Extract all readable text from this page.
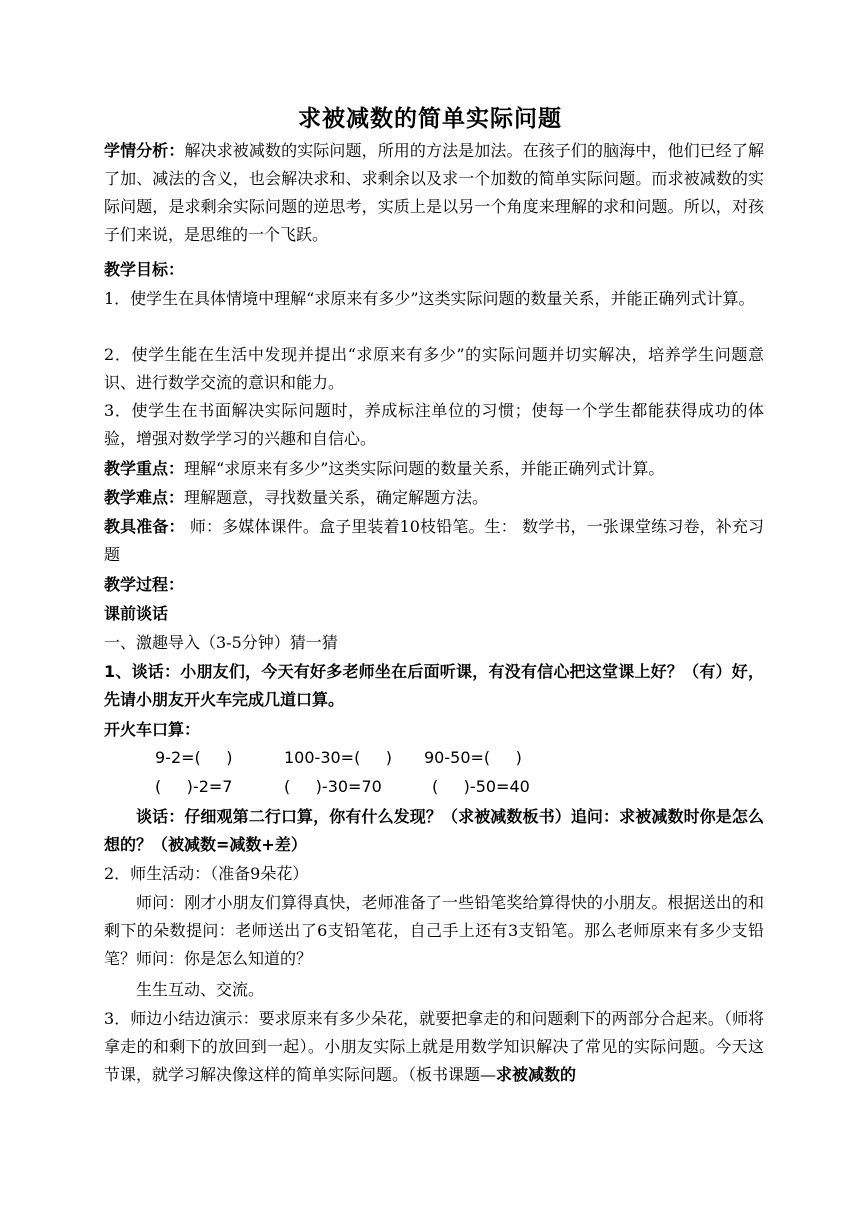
求被减数的简单实际问题
学情分析：解决求被减数的实际问题，所用的方法是加法。在孩子们的脑海中，他们已经了解了加、减法的含义，也会解决求和、求剩余以及求一个加数的简单实际问题。而求被减数的实际问题，是求剩余实际问题的逆思考，实质上是以另一个角度来理解的求和问题。所以，对孩子们来说，是思维的一个飞跃。
教学目标：
1．使学生在具体情境中理解“求原来有多少”这类实际问题的数量关系，并能正确列式计算。
2．使学生能在生活中发现并提出“求原来有多少”的实际问题并切实解决，培养学生问题意识、进行数学交流的意识和能力。
3．使学生在书面解决实际问题时，养成标注单位的习惯；使每一个学生都能获得成功的体验，增强对数学学习的兴趣和自信心。
教学重点：理解“求原来有多少”这类实际问题的数量关系，并能正确列式计算。
教学难点：理解题意，寻找数量关系，确定解题方法。
教具准备： 师：多媒体课件。盒子里装着10枝铅笔。生： 数学书，一张课堂练习卷，补充习题
教学过程：
课前谈话
一、激趣导入（3-5分钟）猜一猜
1、谈话：小朋友们，今天有好多老师坐在后面听课，有没有信心把这堂课上好？（有）好，先请小朋友开火车完成几道口算。
开火车口算：
9-2=(     )	100-30=(     ) 90-50=(     )
(     )-2=7	(     )-30=70	(     )-50=40
谈话：仔细观第二行口算，你有什么发现？（求被减数板书）追问：求被减数时你是怎么想的？（被减数=减数+差）
2．师生活动：（准备9朵花）
师问：刚才小朋友们算得真快，老师准备了一些铅笔奖给算得快的小朋友。根据送出的和剩下的朵数提问：老师送出了6支铅笔花，自己手上还有3支铅笔。那么老师原来有多少支铅笔？师问：你是怎么知道的？
生生互动、交流。
3．师边小结边演示：要求原来有多少朵花，就要把拿走的和问题剩下的两部分合起来。（师将拿走的和剩下的放回到一起）。小朋友实际上就是用数学知识解决了常见的实际问题。今天这节课，就学习解决像这样的简单实际问题。（板书课题—求被减数的
